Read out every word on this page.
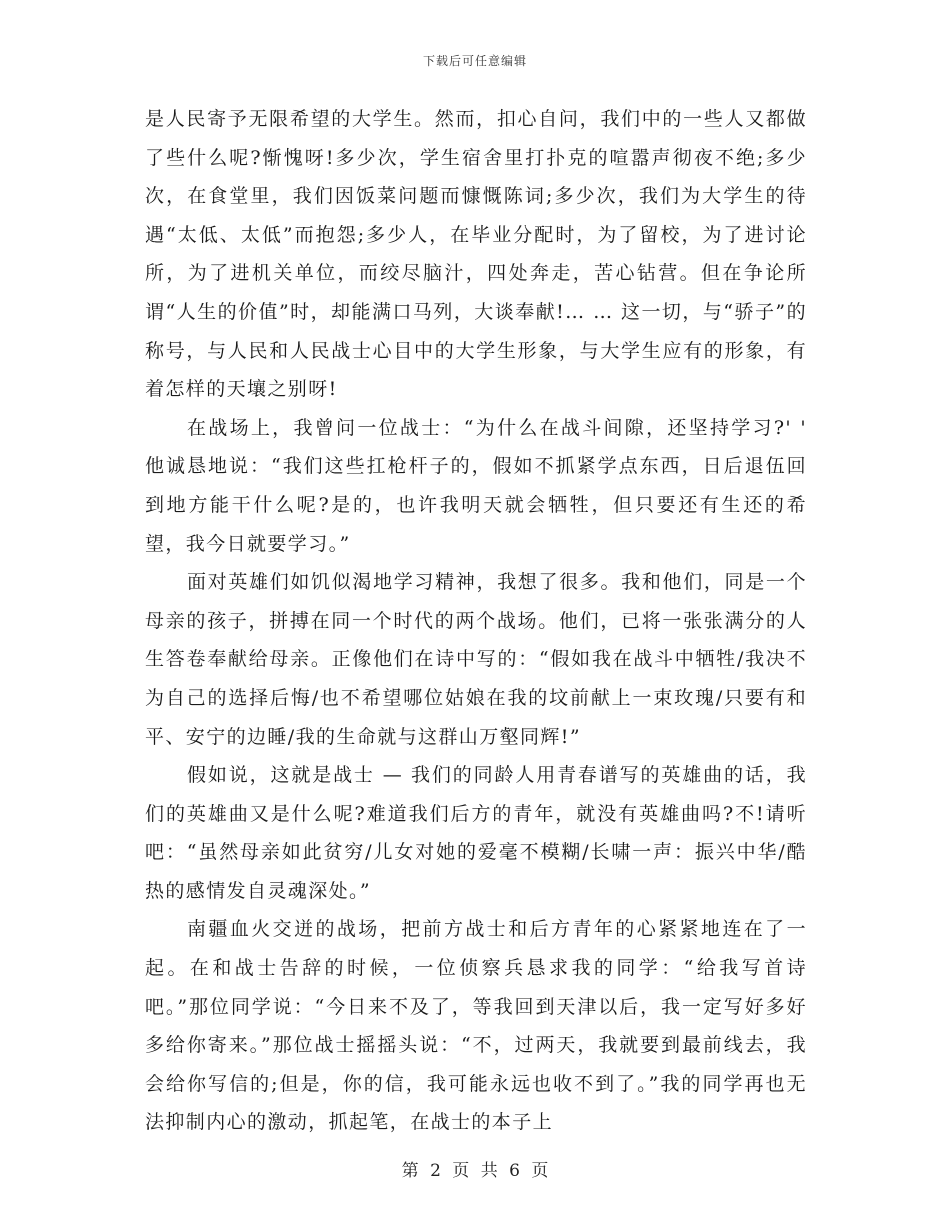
下载后可任意编辑

是人民寄予无限希望的大学生。然而，扣心自问，我们中的一些人又都做了些什么呢?惭愧呀!多少次，学生宿舍里打扑克的喧嚣声彻夜不绝;多少次，在食堂里，我们因饭菜问题而慷慨陈词;多少次，我们为大学生的待遇“太低、太低”而抱怨;多少人，在毕业分配时，为了留校，为了进讨论所，为了进机关单位，而绞尽脑汁，四处奔走，苦心钻营。但在争论所谓“人生的价值”时，却能满口马列，大谈奉献!… … 这一切，与“骄子”的称号，与人民和人民战士心目中的大学生形象，与大学生应有的形象，有着怎样的天壤之别呀!

在战场上，我曾问一位战士：“为什么在战斗间隙，还坚持学习?' ' 他诚恳地说：“我们这些扛枪杆子的，假如不抓紧学点东西，日后退伍回到地方能干什么呢?是的，也许我明天就会牺牲，但只要还有生还的希望，我今日就要学习。”

面对英雄们如饥似渴地学习精神，我想了很多。我和他们，同是一个母亲的孩子，拼搏在同一个时代的两个战场。他们，已将一张张满分的人生答卷奉献给母亲。正像他们在诗中写的：“假如我在战斗中牺牲/我决不为自己的选择后悔/也不希望哪位姑娘在我的坟前献上一束玫瑰/只要有和平、安宁的边睡/我的生命就与这群山万壑同辉!”

假如说，这就是战士 — 我们的同龄人用青春谱写的英雄曲的话，我们的英雄曲又是什么呢?难道我们后方的青年，就没有英雄曲吗?不!请听吧：“虽然母亲如此贫穷/儿女对她的爱毫不模糊/长啸一声：振兴中华/酷热的感情发自灵魂深处。”

南疆血火交迸的战场，把前方战士和后方青年的心紧紧地连在了一起。在和战士告辞的时候，一位侦察兵恳求我的同学：“给我写首诗吧。”那位同学说：“今日来不及了，等我回到天津以后，我一定写好多好多给你寄来。”那位战士摇摇头说：“不，过两天，我就要到最前线去，我会给你写信的;但是，你的信，我可能永远也收不到了。”我的同学再也无法抑制内心的激动，抓起笔，在战士的本子上

第 2 页 共 6 页
